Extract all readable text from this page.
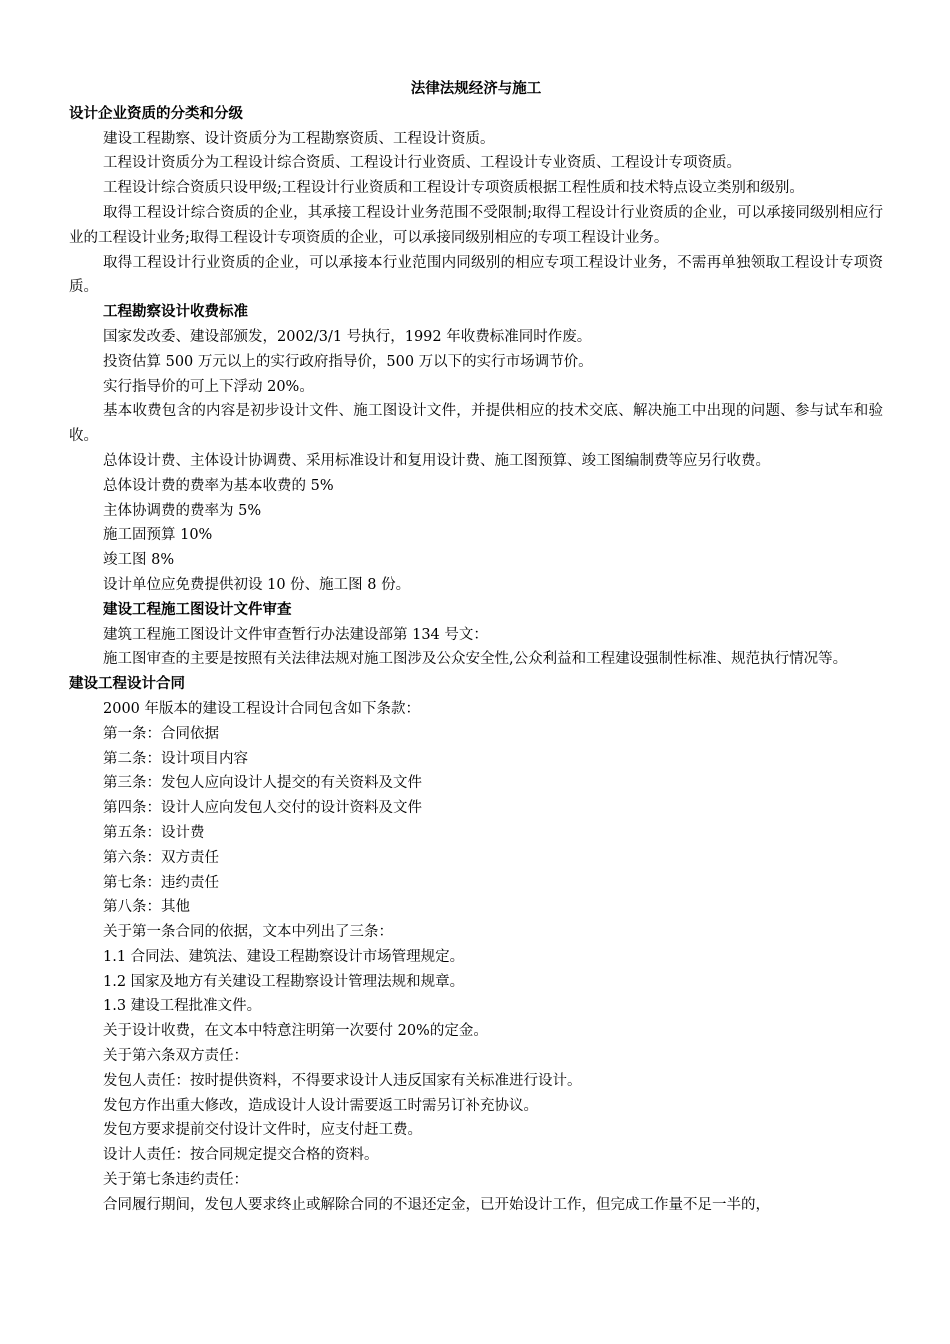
法律法规经济与施工
设计企业资质的分类和分级
建设工程勘察、设计资质分为工程勘察资质、工程设计资质。
工程设计资质分为工程设计综合资质、工程设计行业资质、工程设计专业资质、工程设计专项资质。
工程设计综合资质只设甲级;工程设计行业资质和工程设计专项资质根据工程性质和技术特点设立类别和级别。
取得工程设计综合资质的企业，其承接工程设计业务范围不受限制;取得工程设计行业资质的企业，可以承接同级别相应行业的工程设计业务;取得工程设计专项资质的企业，可以承接同级别相应的专项工程设计业务。
取得工程设计行业资质的企业，可以承接本行业范围内同级别的相应专项工程设计业务，不需再单独领取工程设计专项资质。
工程勘察设计收费标准
国家发改委、建设部颁发，2002/3/1 号执行，1992 年收费标准同时作废。
投资估算 500 万元以上的实行政府指导价，500 万以下的实行市场调节价。
实行指导价的可上下浮动 20%。
基本收费包含的内容是初步设计文件、施工图设计文件，并提供相应的技术交底、解决施工中出现的问题、参与试车和验收。
总体设计费、主体设计协调费、采用标准设计和复用设计费、施工图预算、竣工图编制费等应另行收费。
总体设计费的费率为基本收费的 5%
主体协调费的费率为 5%
施工固预算 10%
竣工图 8%
设计单位应免费提供初设 10 份、施工图 8 份。
建设工程施工图设计文件审查
建筑工程施工图设计文件审查暂行办法建设部第 134 号文：
施工图审查的主要是按照有关法律法规对施工图涉及公众安全性,公众利益和工程建设强制性标准、规范执行情况等。
建设工程设计合同
2000 年版本的建设工程设计合同包含如下条款：
第一条：合同依据
第二条：设计项目内容
第三条：发包人应向设计人提交的有关资料及文件
第四条：设计人应向发包人交付的设计资料及文件
第五条：设计费
第六条：双方责任
第七条：违约责任
第八条：其他
关于第一条合同的依据，文本中列出了三条：
1.1 合同法、建筑法、建设工程勘察设计市场管理规定。
1.2 国家及地方有关建设工程勘察设计管理法规和规章。
1.3 建设工程批准文件。
关于设计收费，在文本中特意注明第一次要付 20%的定金。
关于第六条双方责任：
发包人责任：按时提供资料，不得要求设计人违反国家有关标准进行设计。
发包方作出重大修改，造成设计人设计需要返工时需另订补充协议。
发包方要求提前交付设计文件时，应支付赶工费。
设计人责任：按合同规定提交合格的资料。
关于第七条违约责任：
合同履行期间，发包人要求终止或解除合同的不退还定金，已开始设计工作，但完成工作量不足一半的，
